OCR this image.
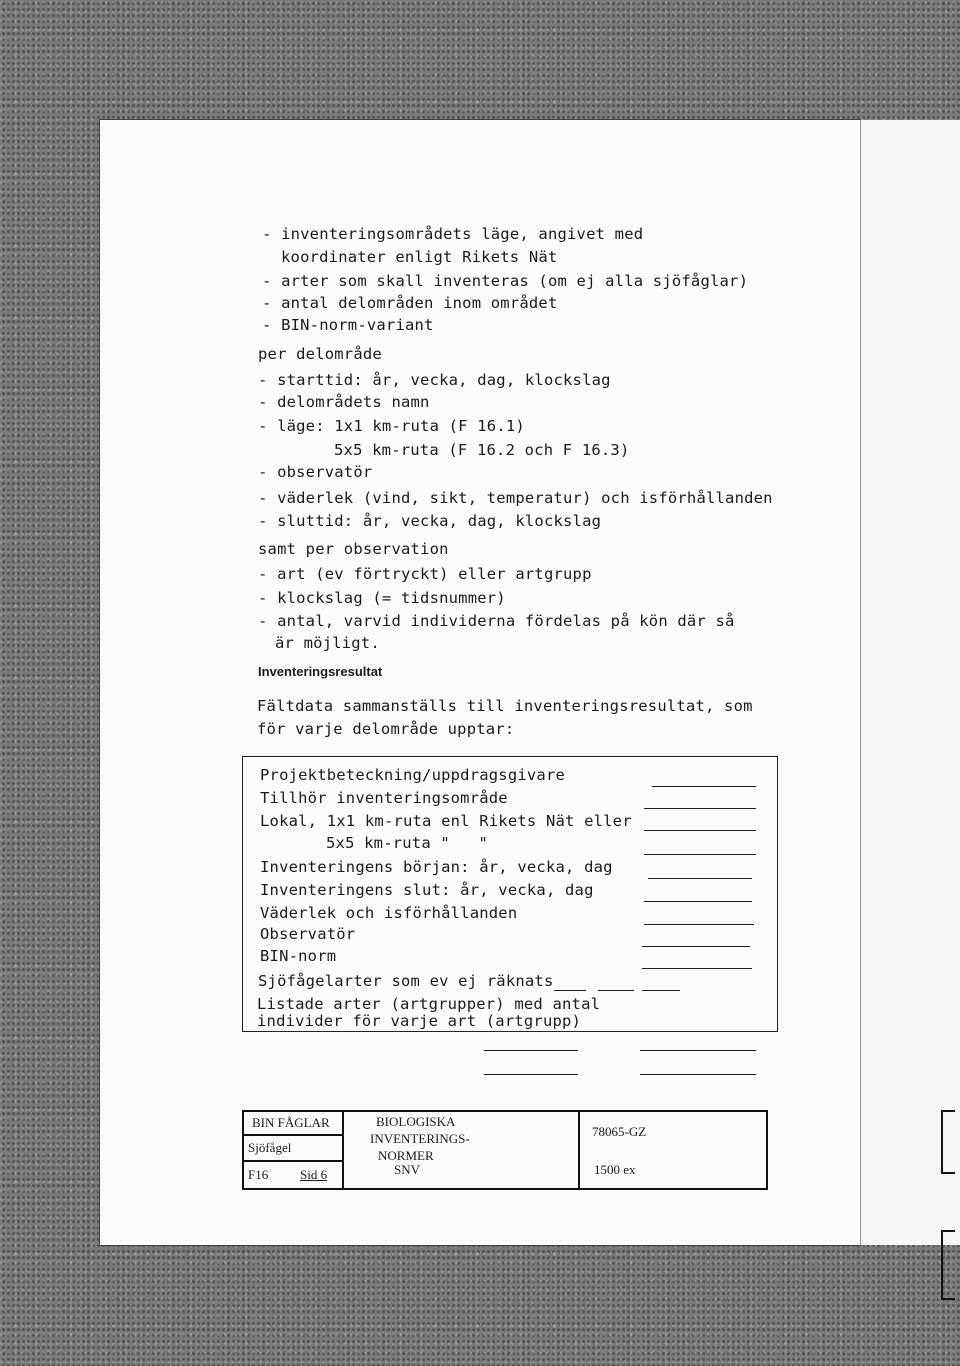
- inventeringsområdets läge, angivet med
koordinater enligt Rikets Nät
- arter som skall inventeras (om ej alla sjöfåglar)
- antal delområden inom området
- BIN-norm-variant
per delområde
- starttid: år, vecka, dag, klockslag
- delområdets namn
- läge: 1x1 km-ruta (F 16.1)
5x5 km-ruta (F 16.2 och F 16.3)
- observatör
- väderlek (vind, sikt, temperatur) och isförhållanden
- sluttid: år, vecka, dag, klockslag
samt per observation
- art (ev förtryckt) eller artgrupp
- klockslag (= tidsnummer)
- antal, varvid individerna fördelas på kön där så
är möjligt.
Inventeringsresultat
Fältdata sammanställs till inventeringsresultat, som
för varje delområde upptar:
Projektbeteckning/uppdragsgivare
Tillhör inventeringsområde
Lokal, 1x1 km-ruta enl Rikets Nät eller
5x5 km-ruta "   "
Inventeringens början: år, vecka, dag
Inventeringens slut: år, vecka, dag
Väderlek och isförhållanden
Observatör
BIN-norm
Sjöfågelarter som ev ej räknats
Listade arter (artgrupper) med antal
individer för varje art (artgrupp)
BIN FÅGLAR
Sjöfågel
F16 Sid 6
BIOLOGISKA
INVENTERINGS-
NORMER
SNV
78065-GZ
1500 ex
